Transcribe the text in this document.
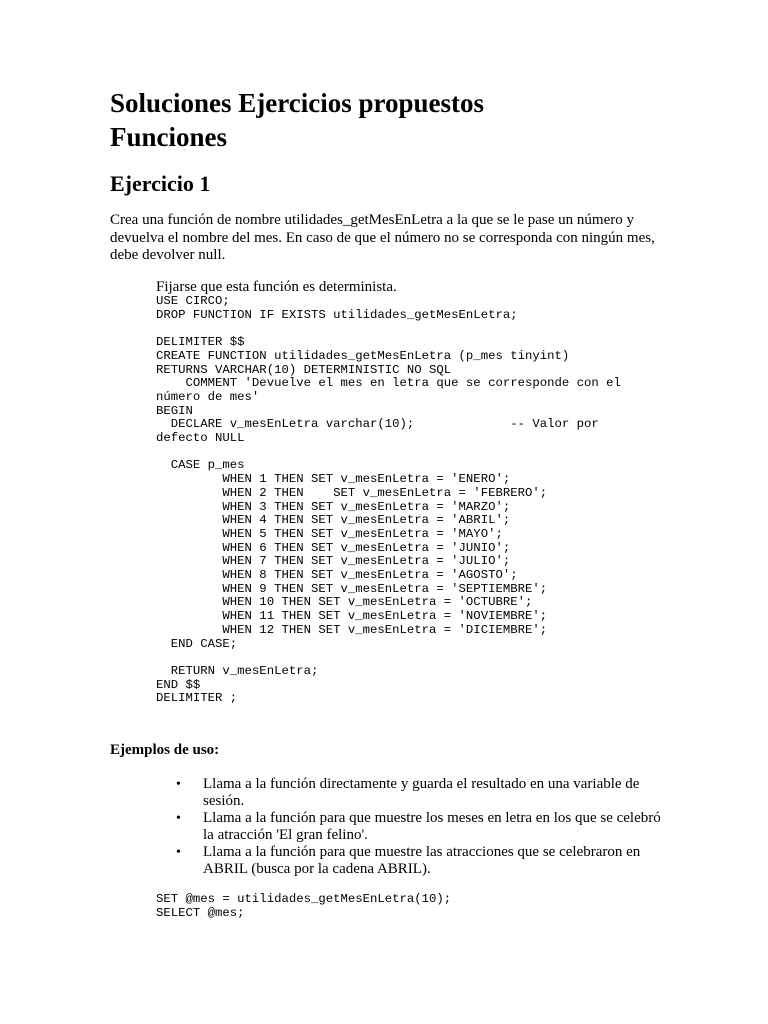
Soluciones Ejercicios propuestos
Funciones
Ejercicio 1

Crea una función de nombre utilidades_getMesEnLetra a la que se le pase un número y devuelva el nombre del mes. En caso de que el número no se corresponda con ningún mes, debe devolver null.

Fijarse que esta función es determinista.

USE CIRCO;
DROP FUNCTION IF EXISTS utilidades_getMesEnLetra;

DELIMITER $$
CREATE FUNCTION utilidades_getMesEnLetra (p_mes tinyint)
RETURNS VARCHAR(10) DETERMINISTIC NO SQL
COMMENT 'Devuelve el mes en letra que se corresponde con el
número de mes'
BEGIN
DECLARE v_mesEnLetra varchar(10);             -- Valor por
defecto NULL

CASE p_mes
WHEN 1 THEN SET v_mesEnLetra = 'ENERO';
WHEN 2 THEN    SET v_mesEnLetra = 'FEBRERO';
WHEN 3 THEN SET v_mesEnLetra = 'MARZO';
WHEN 4 THEN SET v_mesEnLetra = 'ABRIL';
WHEN 5 THEN SET v_mesEnLetra = 'MAYO';
WHEN 6 THEN SET v_mesEnLetra = 'JUNIO';
WHEN 7 THEN SET v_mesEnLetra = 'JULIO';
WHEN 8 THEN SET v_mesEnLetra = 'AGOSTO';
WHEN 9 THEN SET v_mesEnLetra = 'SEPTIEMBRE';
WHEN 10 THEN SET v_mesEnLetra = 'OCTUBRE';
WHEN 11 THEN SET v_mesEnLetra = 'NOVIEMBRE';
WHEN 12 THEN SET v_mesEnLetra = 'DICIEMBRE';
END CASE;

RETURN v_mesEnLetra;
END $$
DELIMITER ;
Ejemplos de uso:
• Llama a la función directamente y guarda el resultado en una variable de sesión.
• Llama a la función para que muestre los meses en letra en los que se celebró la atracción 'El gran felino'.
• Llama a la función para que muestre las atracciones que se celebraron en ABRIL (busca por la cadena ABRIL).
SET @mes = utilidades_getMesEnLetra(10);
SELECT @mes;
